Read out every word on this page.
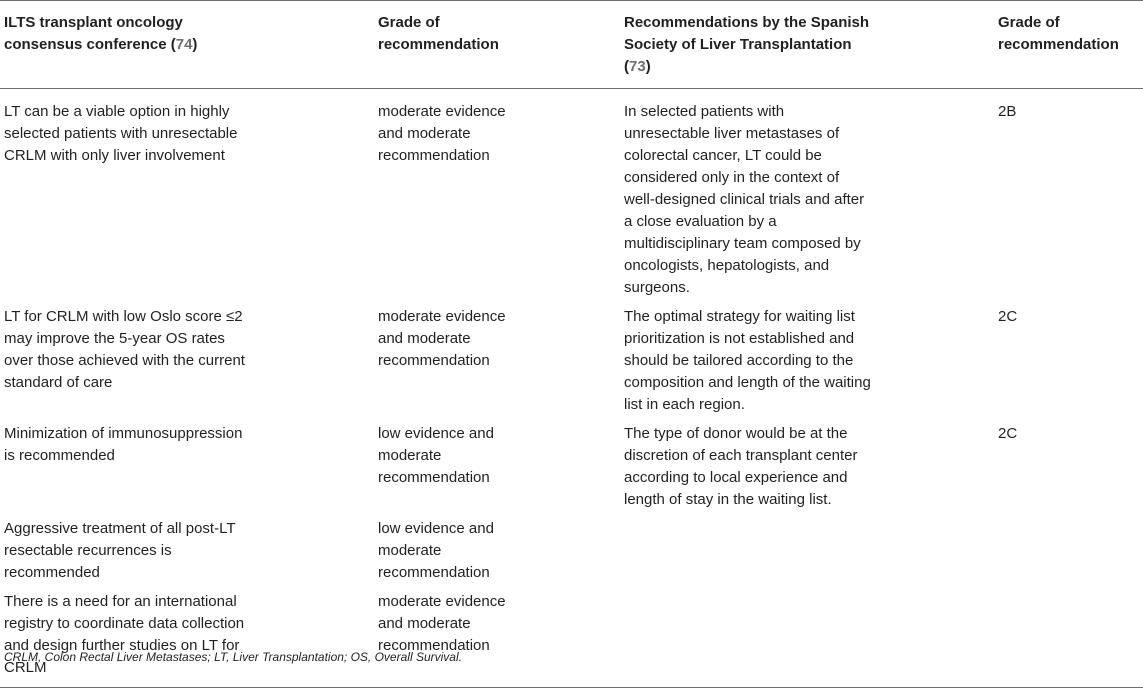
ILTS transplant oncology consensus conference (74)	Grade of recommendation	Recommendations by the Spanish Society of Liver Transplantation (73)	Grade of recommendation

LT can be a viable option in highly selected patients with unresectable CRLM with only liver involvement	moderate evidence and moderate recommendation	In selected patients with unresectable liver metastases of colorectal cancer, LT could be considered only in the context of well-designed clinical trials and after a close evaluation by a multidisciplinary team composed by oncologists, hepatologists, and surgeons.	2B

LT for CRLM with low Oslo score ≤2 may improve the 5-year OS rates over those achieved with the current standard of care	moderate evidence and moderate recommendation	The optimal strategy for waiting list prioritization is not established and should be tailored according to the composition and length of the waiting list in each region.	2C

Minimization of immunosuppression is recommended	low evidence and moderate recommendation	The type of donor would be at the discretion of each transplant center according to local experience and length of stay in the waiting list.	2C

Aggressive treatment of all post-LT resectable recurrences is recommended	low evidence and moderate recommendation		

There is a need for an international registry to coordinate data collection and design further studies on LT for CRLM	moderate evidence and moderate recommendation		

CRLM, Colon Rectal Liver Metastases; LT, Liver Transplantation; OS, Overall Survival.
